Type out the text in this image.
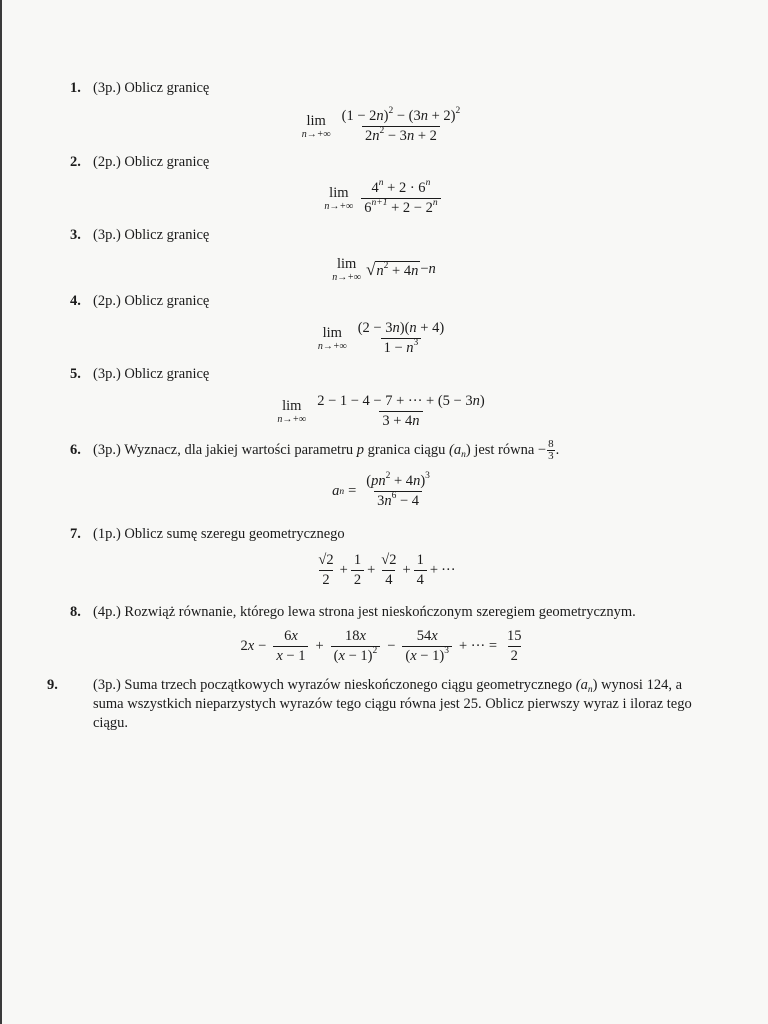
1. (3p.) Oblicz granicę
lim
$n\to+\infty \frac{(1 - 2n)^2 - (3n + 2)^2}{2n^2 - 3n + 2}$
2. (2p.) Oblicz granicę
lim
$n\to+\infty \frac{4^n + 2 \cdot 6^n}{6^{n+1} + 2 - 2^n}$
3. (3p.) Oblicz granicę
lim
n→+∞ √ $n^2 + 4n - n$
4. (2p.) Oblicz granicę
lim
$n\to+\infty \frac{(2 - 3n)(n + 4)}{1 - n^3}$
5. (3p.) Oblicz granicę
lim
$n\to+\infty \frac{2 - 1 - 4 - 7 + \cdot\cdot\cdot + (5 - 3n)}{3 + 4n}$
6. (3p.) Wyznacz, dla jakiej wartości parametru p granica ciągu $(a_n)$ jest równa − $\frac{8}{3}$ .
a $n = \frac{(pn^2 + 4n)^3}{3n^6 - 4}$
7. (1p.) Oblicz sumę szeregu geometrycznego
$\frac{√2}{2} + \frac{1}{2} + \frac{√2}{4} + \frac{1}{4}$ + ···
8. (4p.) Rozwiąż równanie, którego lewa strona jest nieskończonym szeregiem geometrycznym.
2 $x - \frac{6x}{x - 1} + \frac{18x}{(x - 1)^2} - \frac{54x}{(x - 1)^3}$ + ··· = $\frac{15}{2}$
9. (3p.) Suma trzech początkowych wyrazów nieskończonego ciągu geometrycznego $(a_n)$ wynosi 124, a suma wszystkich nieparzystych wyrazów tego ciągu równa jest 25. Oblicz pierwszy wyraz i iloraz tego ciągu.
